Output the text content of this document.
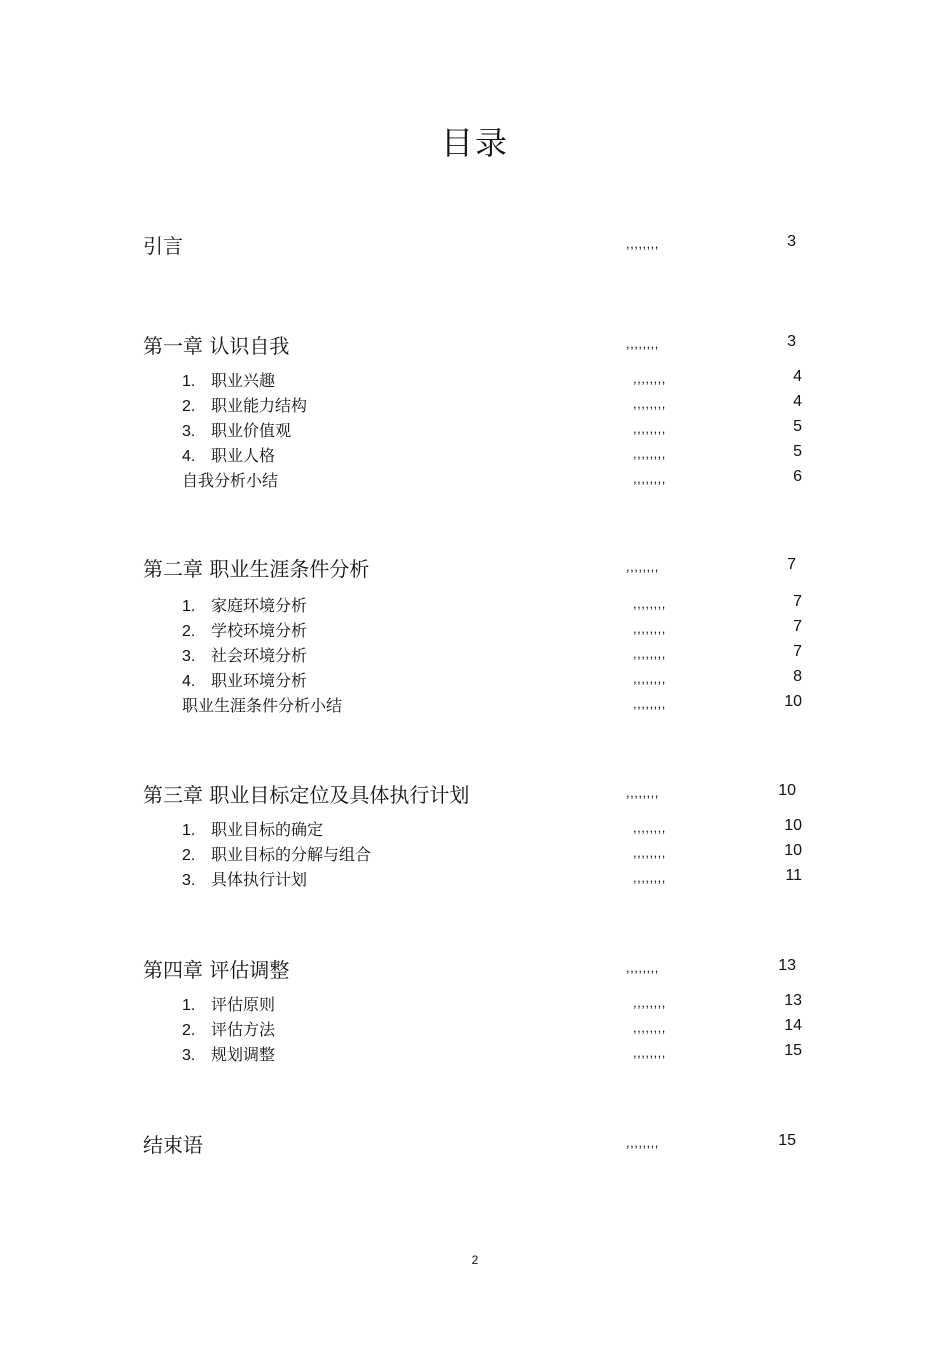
目录
引言	,,,,,,,,	3
第一章 认识自我	,,,,,,,,	3
1. 职业兴趣	,,,,,,,,	4
2. 职业能力结构	,,,,,,,,	4
3. 职业价值观	,,,,,,,,	5
4. 职业人格	,,,,,,,,	5
自我分析小结	,,,,,,,,	6
第二章 职业生涯条件分析	,,,,,,,,	7
1. 家庭环境分析	,,,,,,,,	7
2. 学校环境分析	,,,,,,,,	7
3. 社会环境分析	,,,,,,,,	7
4. 职业环境分析	,,,,,,,,	8
职业生涯条件分析小结	,,,,,,,,	10
第三章 职业目标定位及具体执行计划	,,,,,,,,	10
1. 职业目标的确定	,,,,,,,,	10
2. 职业目标的分解与组合	,,,,,,,,	10
3. 具体执行计划	,,,,,,,,	11
第四章 评估调整	,,,,,,,,	13
1. 评估原则	,,,,,,,,	13
2. 评估方法	,,,,,,,,	14
3. 规划调整	,,,,,,,,	15
结束语	,,,,,,,,	15
2
